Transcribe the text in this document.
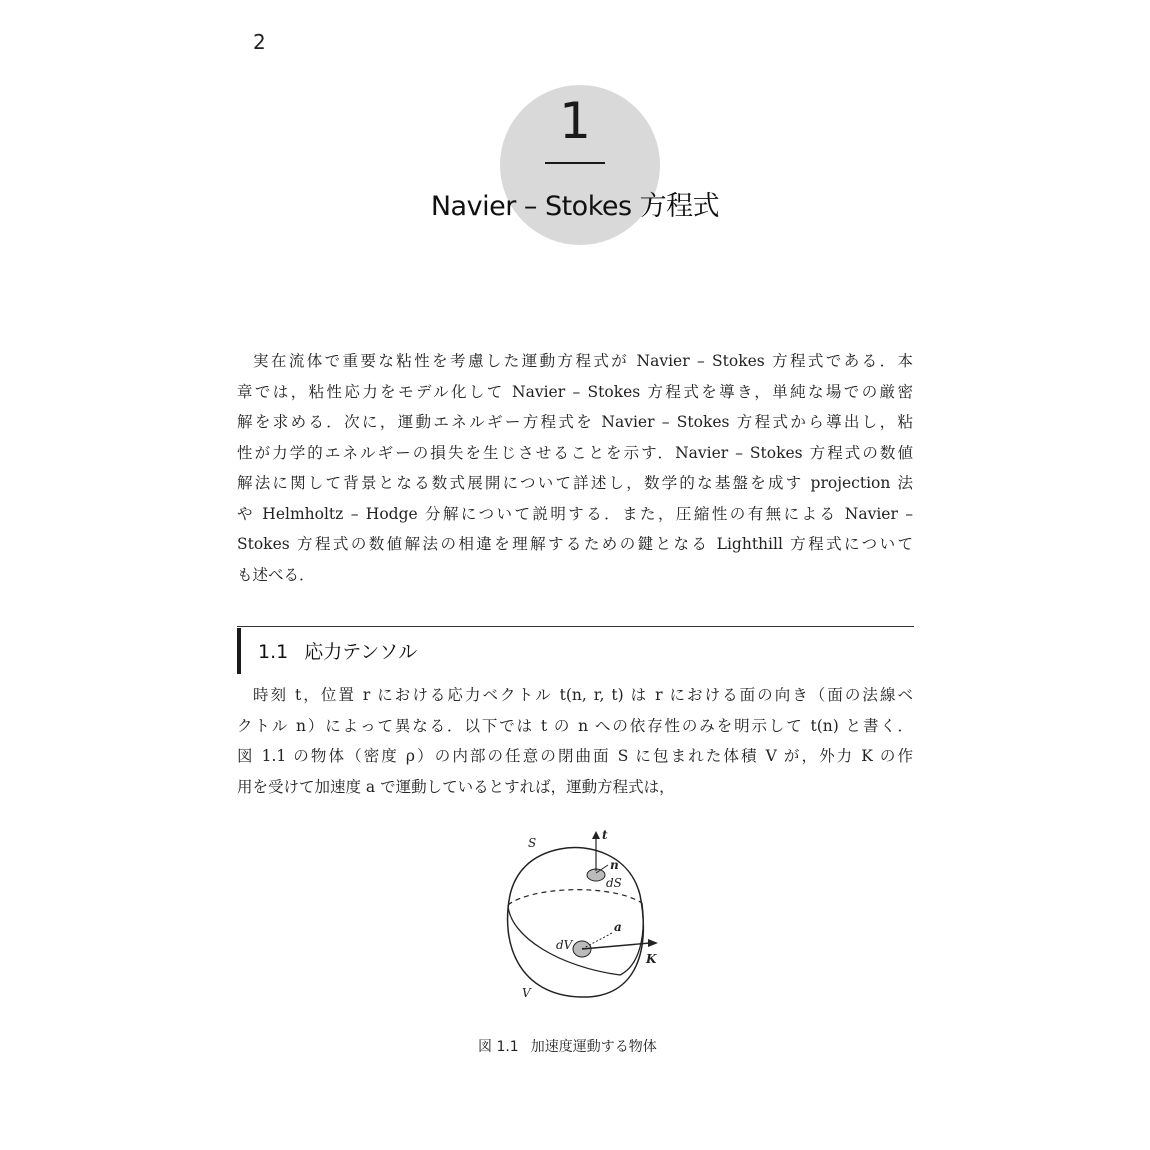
2
1
Navier – Stokes 方程式
実在流体で重要な粘性を考慮した運動方程式が Navier – Stokes 方程式である．本
章では，粘性応力をモデル化して Navier – Stokes 方程式を導き，単純な場での厳密
解を求める．次に，運動エネルギー方程式を Navier – Stokes 方程式から導出し，粘
性が力学的エネルギーの損失を生じさせることを示す．Navier – Stokes 方程式の数値
解法に関して背景となる数式展開について詳述し，数学的な基盤を成す projection 法
や Helmholtz – Hodge 分解について説明する．また，圧縮性の有無による Navier –
Stokes 方程式の数値解法の相違を理解するための鍵となる Lighthill 方程式について
も述べる．
1.1 応力テンソル
時刻 t，位置 r における応力ベクトル t(n, r, t) は r における面の向き（面の法線ベ
クトル n）によって異なる．以下では t の n への依存性のみを明示して t(n) と書く．
図 1.1 の物体（密度 ρ）の内部の任意の閉曲面 S に包まれた体積 V が，外力 K の作
用を受けて加速度 a で運動しているとすれば，運動方程式は，
S
t
n
dS
dV
a
K
V
図 1.1 加速度運動する物体
